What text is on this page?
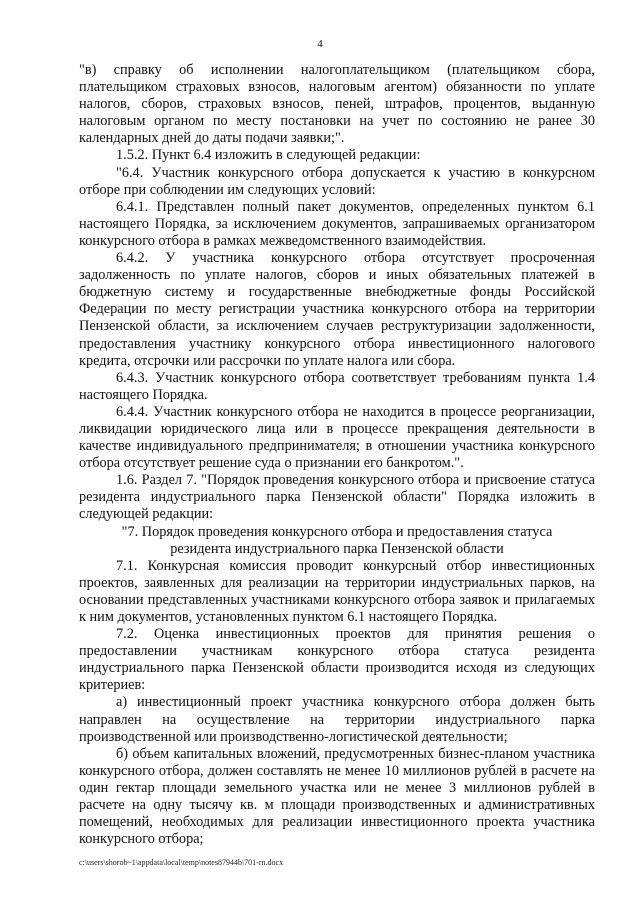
4

"в) справку об исполнении налогоплательщиком (плательщиком сбора, плательщиком страховых взносов, налоговым агентом) обязанности по уплате налогов, сборов, страховых взносов, пеней, штрафов, процентов, выданную налоговым органом по месту постановки на учет по состоянию не ранее 30 календарных дней до даты подачи заявки;".

1.5.2. Пункт 6.4 изложить в следующей редакции:

"6.4. Участник конкурсного отбора допускается к участию в конкурсном отборе при соблюдении им следующих условий:

6.4.1. Представлен полный пакет документов, определенных пунктом 6.1 настоящего Порядка, за исключением документов, запрашиваемых организатором конкурсного отбора в рамках межведомственного взаимодействия.

6.4.2. У участника конкурсного отбора отсутствует просроченная задолженность по уплате налогов, сборов и иных обязательных платежей в бюджетную систему и государственные внебюджетные фонды Российской Федерации по месту регистрации участника конкурсного отбора на территории Пензенской области, за исключением случаев реструктуризации задолженности, предоставления участнику конкурсного отбора инвестиционного налогового кредита, отсрочки или рассрочки по уплате налога или сбора.

6.4.3. Участник конкурсного отбора соответствует требованиям пункта 1.4 настоящего Порядка.

6.4.4. Участник конкурсного отбора не находится в процессе реорганизации, ликвидации юридического лица или в процессе прекращения деятельности в качестве индивидуального предпринимателя; в отношении участника конкурсного отбора отсутствует решение суда о признании его банкротом.".

1.6. Раздел 7. "Порядок проведения конкурсного отбора и присвоение статуса резидента индустриального парка Пензенской области" Порядка изложить в следующей редакции:

"7. Порядок проведения конкурсного отбора и предоставления статуса

резидента индустриального парка Пензенской области

7.1. Конкурсная комиссия проводит конкурсный отбор инвестиционных проектов, заявленных для реализации на территории индустриальных парков, на основании представленных участниками конкурсного отбора заявок и прилагаемых к ним документов, установленных пунктом 6.1 настоящего Порядка.

7.2. Оценка инвестиционных проектов для принятия решения о предоставлении участникам конкурсного отбора статуса резидента индустриального парка Пензенской области производится исходя из следующих критериев:

а) инвестиционный проект участника конкурсного отбора должен быть направлен на осуществление на территории индустриального парка производственной или производственно-логистической деятельности;

б) объем капитальных вложений, предусмотренных бизнес-планом участника конкурсного отбора, должен составлять не менее 10 миллионов рублей в расчете на один гектар площади земельного участка или не менее 3 миллионов рублей в расчете на одну тысячу кв. м площади производственных и административных помещений, необходимых для реализации инвестиционного проекта участника конкурсного отбора;

c:\users\shorob~1\appdata\local\temp\notes87944b\701-rn.docx
